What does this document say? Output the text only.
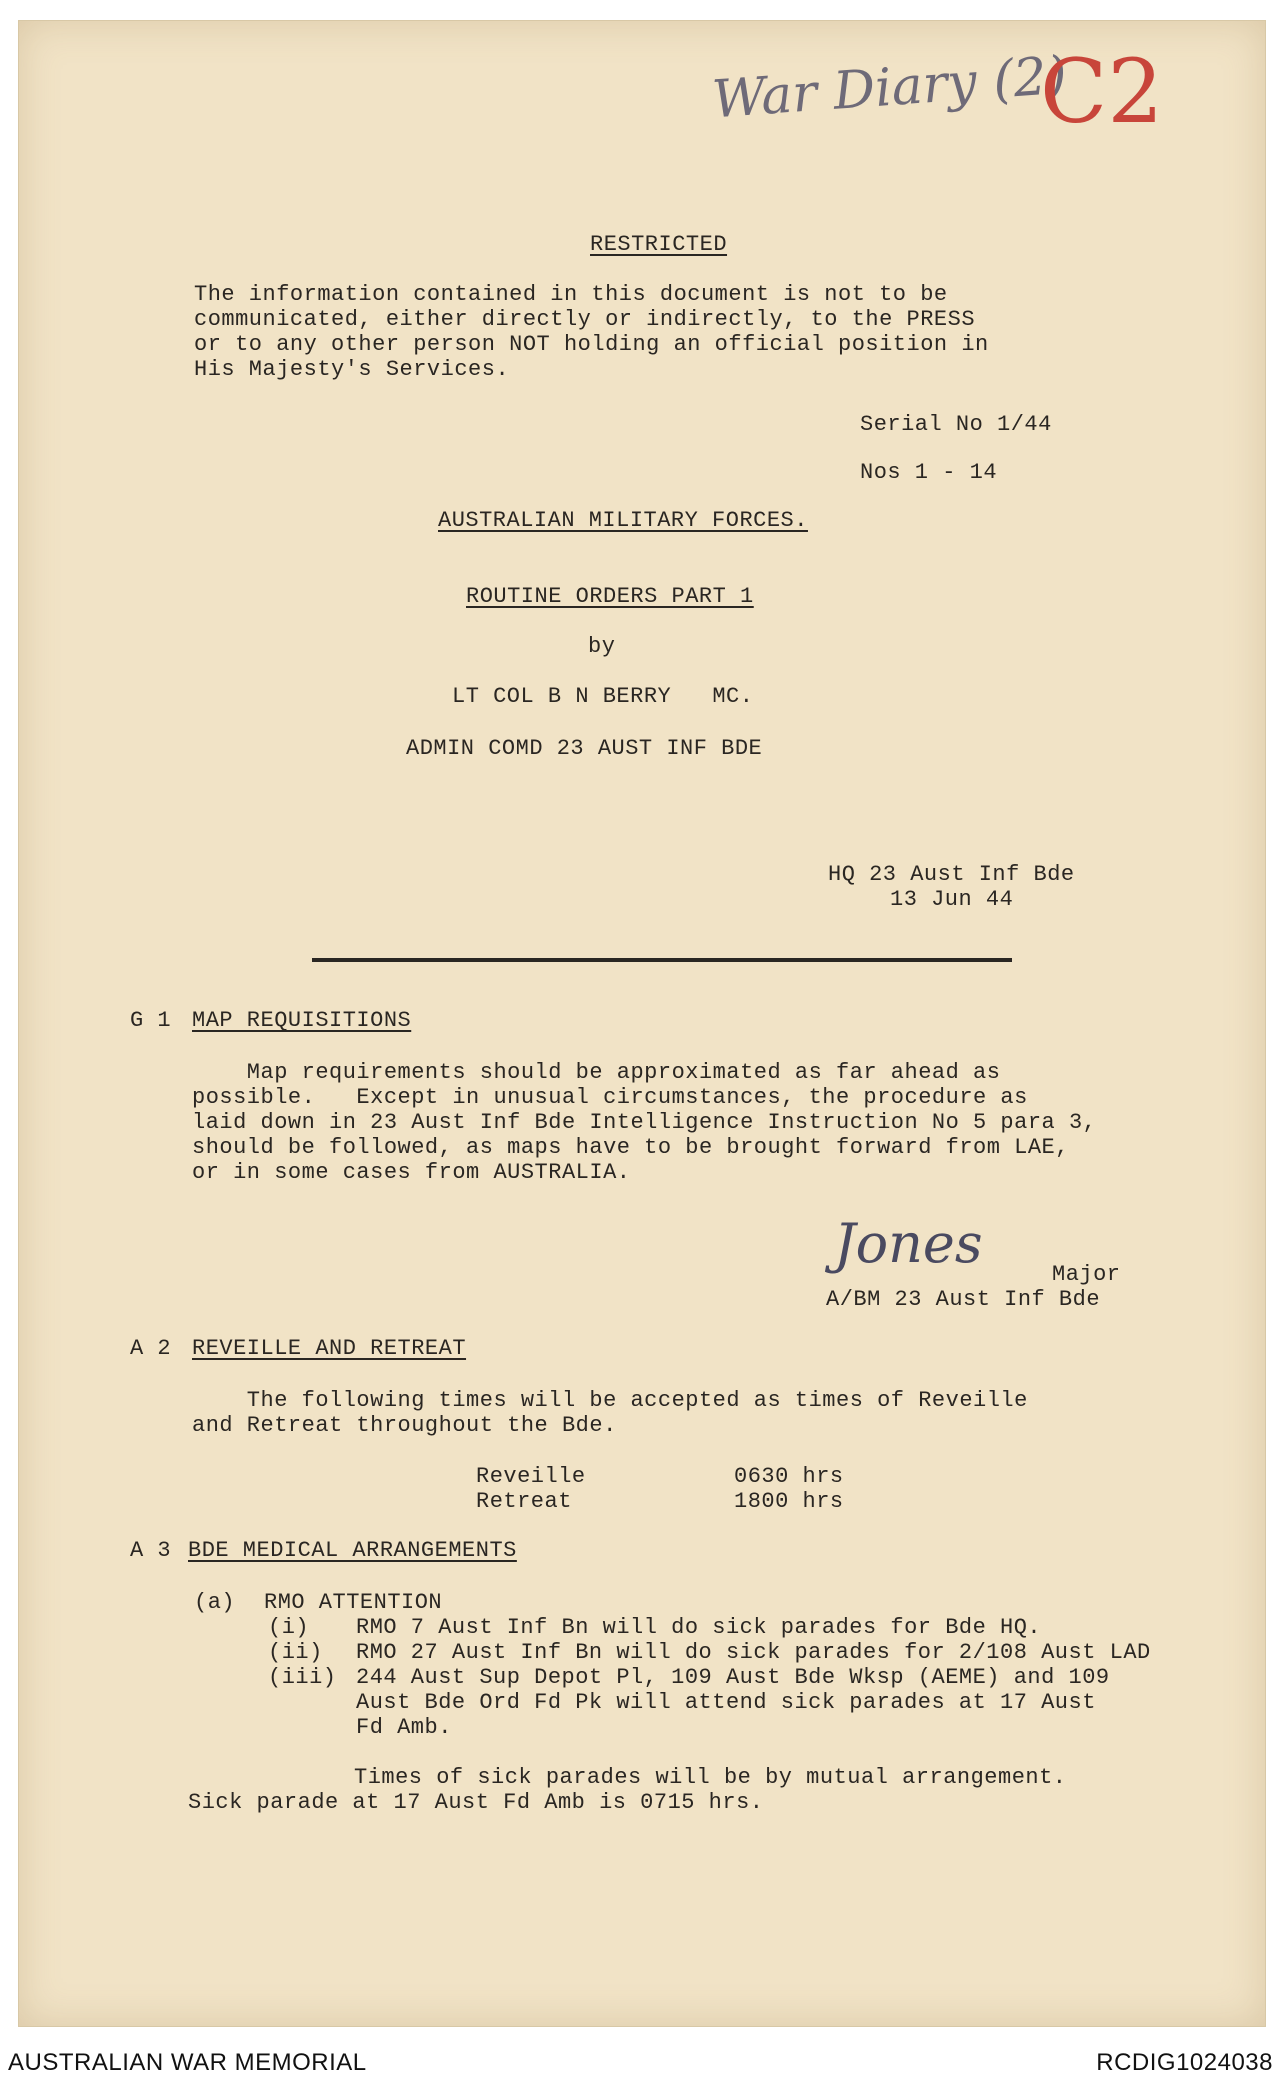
War Diary (2)
C2
RESTRICTED
The information contained in this document is not to be
communicated, either directly or indirectly, to the PRESS
or to any other person NOT holding an official position in
His Majesty's Services.
Serial No 1/44
Nos 1 - 14
AUSTRALIAN MILITARY FORCES.
ROUTINE ORDERS PART 1
by
LT COL B N BERRY   MC.
ADMIN COMD 23 AUST INF BDE
HQ 23 Aust Inf Bde
13 Jun 44
G 1 MAP REQUISITIONS
Map requirements should be approximated as far ahead as
possible.   Except in unusual circumstances, the procedure as
laid down in 23 Aust Inf Bde Intelligence Instruction No 5 para 3,
should be followed, as maps have to be brought forward from LAE,
or in some cases from AUSTRALIA.
Jones	Major
A/BM 23 Aust Inf Bde
A 2 REVEILLE AND RETREAT
The following times will be accepted as times of Reveille
and Retreat throughout the Bde.
Reveille	0630 hrs
Retreat	1800 hrs
A 3 BDE MEDICAL ARRANGEMENTS
(a) RMO ATTENTION
(i) RMO 7 Aust Inf Bn will do sick parades for Bde HQ.
(ii) RMO 27 Aust Inf Bn will do sick parades for 2/108 Aust LAD
(iii) 244 Aust Sup Depot Pl, 109 Aust Bde Wksp (AEME) and 109
Aust Bde Ord Fd Pk will attend sick parades at 17 Aust
Fd Amb.
Times of sick parades will be by mutual arrangement.
Sick parade at 17 Aust Fd Amb is 0715 hrs.
AUSTRALIAN WAR MEMORIAL	RCDIG1024038
